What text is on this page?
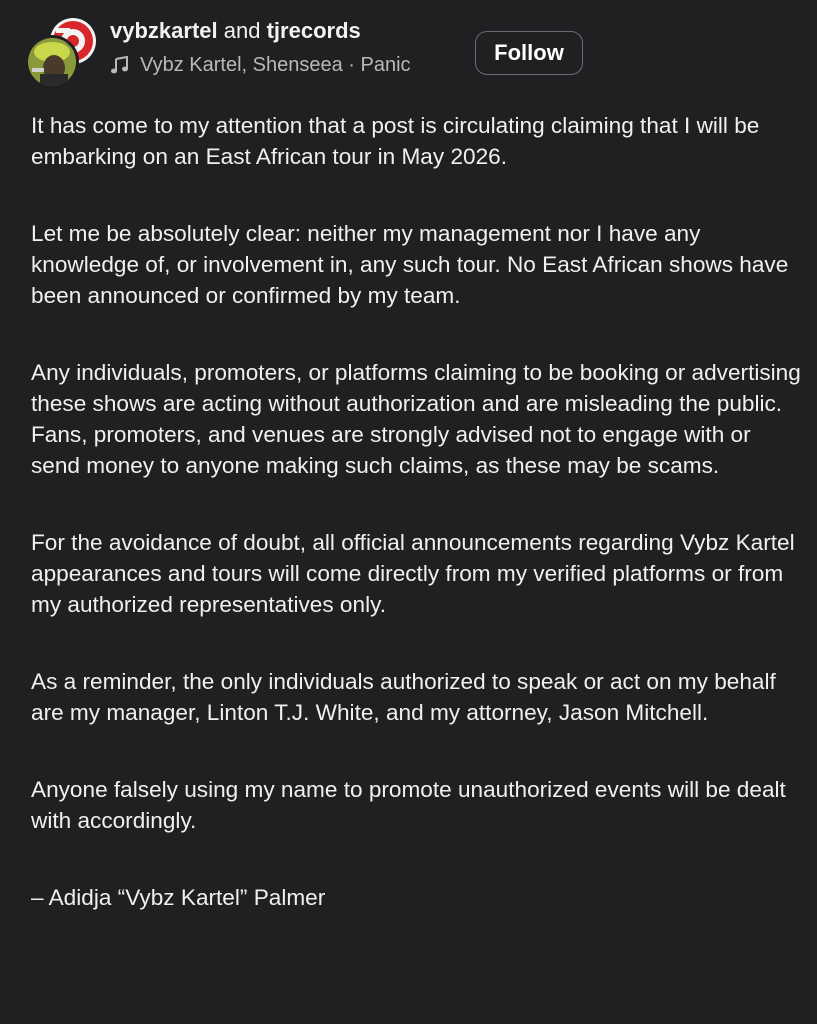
vybzkartel and tjrecords
Vybz Kartel, Shenseea · Panic	Follow

It has come to my attention that a post is circulating claiming that I will be embarking on an East African tour in May 2026.

Let me be absolutely clear: neither my management nor I have any knowledge of, or involvement in, any such tour. No East African shows have been announced or confirmed by my team.

Any individuals, promoters, or platforms claiming to be booking or advertising these shows are acting without authorization and are misleading the public. Fans, promoters, and venues are strongly advised not to engage with or send money to anyone making such claims, as these may be scams.

For the avoidance of doubt, all official announcements regarding Vybz Kartel appearances and tours will come directly from my verified platforms or from my authorized representatives only.

As a reminder, the only individuals authorized to speak or act on my behalf are my manager, Linton T.J. White, and my attorney, Jason Mitchell.

Anyone falsely using my name to promote unauthorized events will be dealt with accordingly.

– Adidja “Vybz Kartel” Palmer
